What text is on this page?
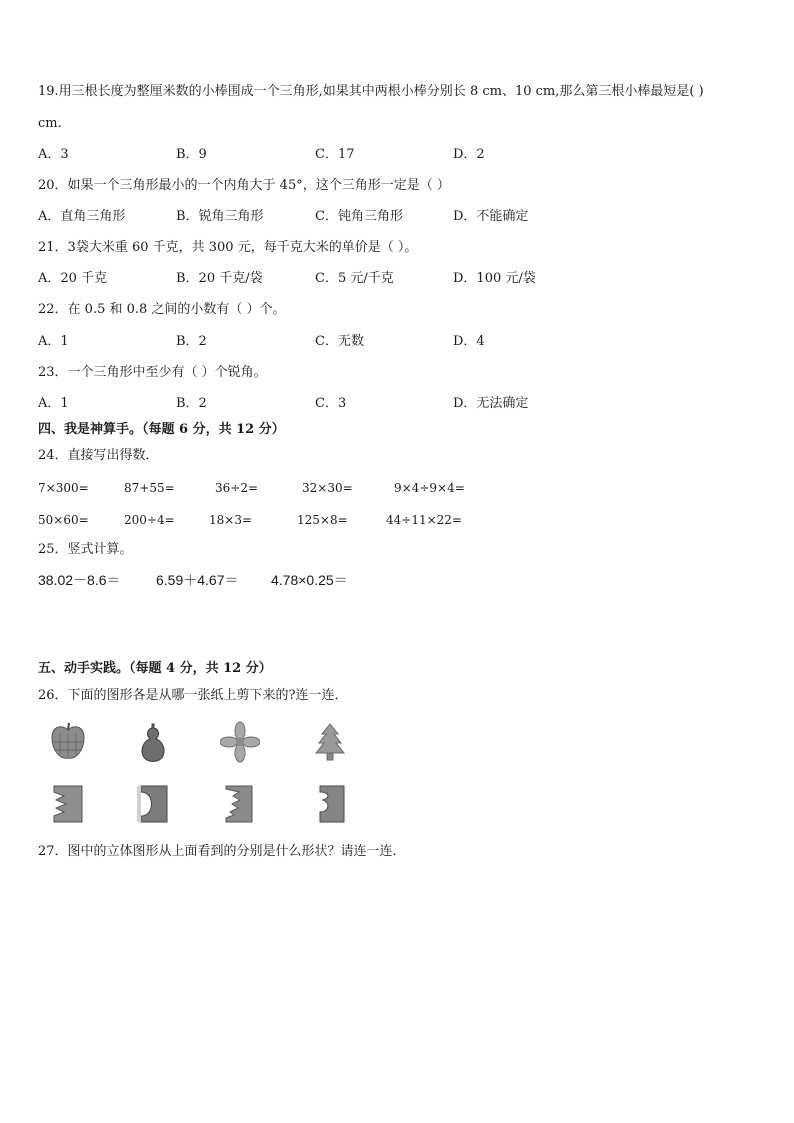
19.用三根长度为整厘米数的小棒围成一个三角形,如果其中两根小棒分别长 8 cm、10 cm,那么第三根小棒最短是( )
cm.
A．3	B．9	C．17	D．2
20．如果一个三角形最小的一个内角大于 45°，这个三角形一定是（ ）
A．直角三角形	B．锐角三角形	C．钝角三角形	D．不能确定
21．3袋大米重 60 千克，共 300 元，每千克大米的单价是（ ）。
A．20 千克	B．20 千克/袋	C．5 元/千克	D．100 元/袋
22．在 0.5 和 0.8 之间的小数有（ ）个。
A．1	B．2	C．无数	D．4
23．一个三角形中至少有（ ）个锐角。
A．1	B．2	C．3	D．无法确定
四、我是神算手。（每题 6 分，共 12 分）
24．直接写出得数．
7×300=	87+55=	36÷2=	32×30=	9×4÷9×4=
50×60=	200÷4=	18×3=	125×8=	44÷11×22=
25．竖式计算。
38.02－8.6＝	6.59＋4.67＝ 4.78×0.25＝
五、动手实践。（每题 4 分，共 12 分）
26．下面的图形各是从哪一张纸上剪下来的?连一连．
27．图中的立体图形从上面看到的分别是什么形状？请连一连．
